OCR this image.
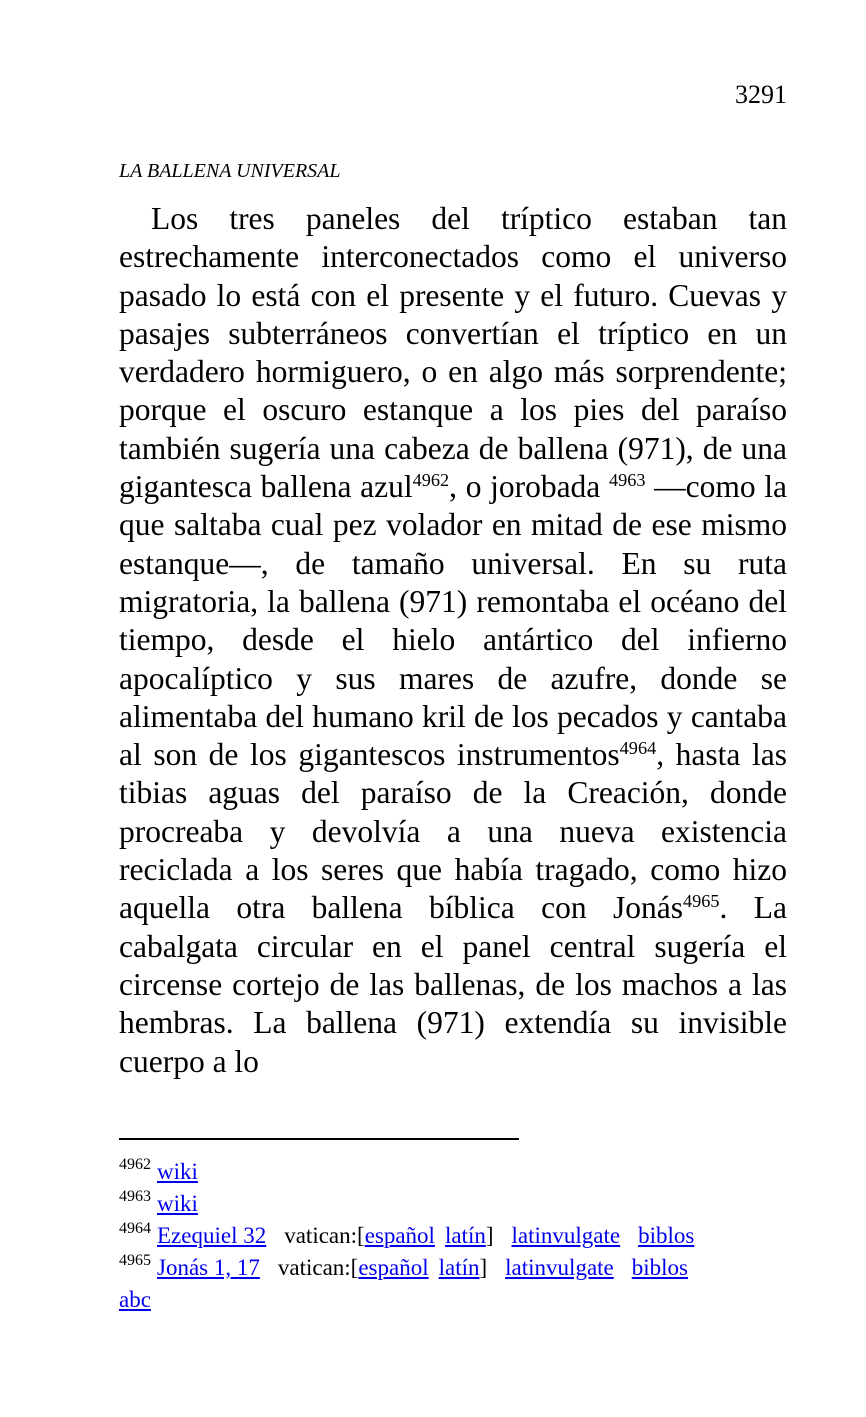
3291
LA BALLENA UNIVERSAL

Los tres paneles del tríptico estaban tan estrechamente interconectados como el universo pasado lo está con el presente y el futuro. Cuevas y pasajes subterráneos convertían el tríptico en un verdadero hormiguero, o en algo más sorprendente; porque el oscuro estanque a los pies del paraíso también sugería una cabeza de ballena (971), de una gigantesca ballena azul$^{4962}$, o jorobada $^{4963}$ —como la que saltaba cual pez volador en mitad de ese mismo estanque—, de tamaño universal. En su ruta migratoria, la ballena (971) remontaba el océano del tiempo, desde el hielo antártico del infierno apocalíptico y sus mares de azufre, donde se alimentaba del humano kril de los pecados y cantaba al son de los gigantescos instrumentos$^{4964}$, hasta las tibias aguas del paraíso de la Creación, donde procreaba y devolvía a una nueva existencia reciclada a los seres que había tragado, como hizo aquella otra ballena bíblica con Jonás$^{4965}$. La cabalgata circular en el panel central sugería el circense cortejo de las ballenas, de los machos a las hembras. La ballena (971) extendía su invisible cuerpo a lo

$^{4962}$ wiki
$^{4963}$ wiki
$^{4964}$ Ezequiel 32 vatican:[español latín] latinvulgate biblos
$^{4965}$ Jonás 1, 17 vatican:[español latín] latinvulgate biblos
abc
